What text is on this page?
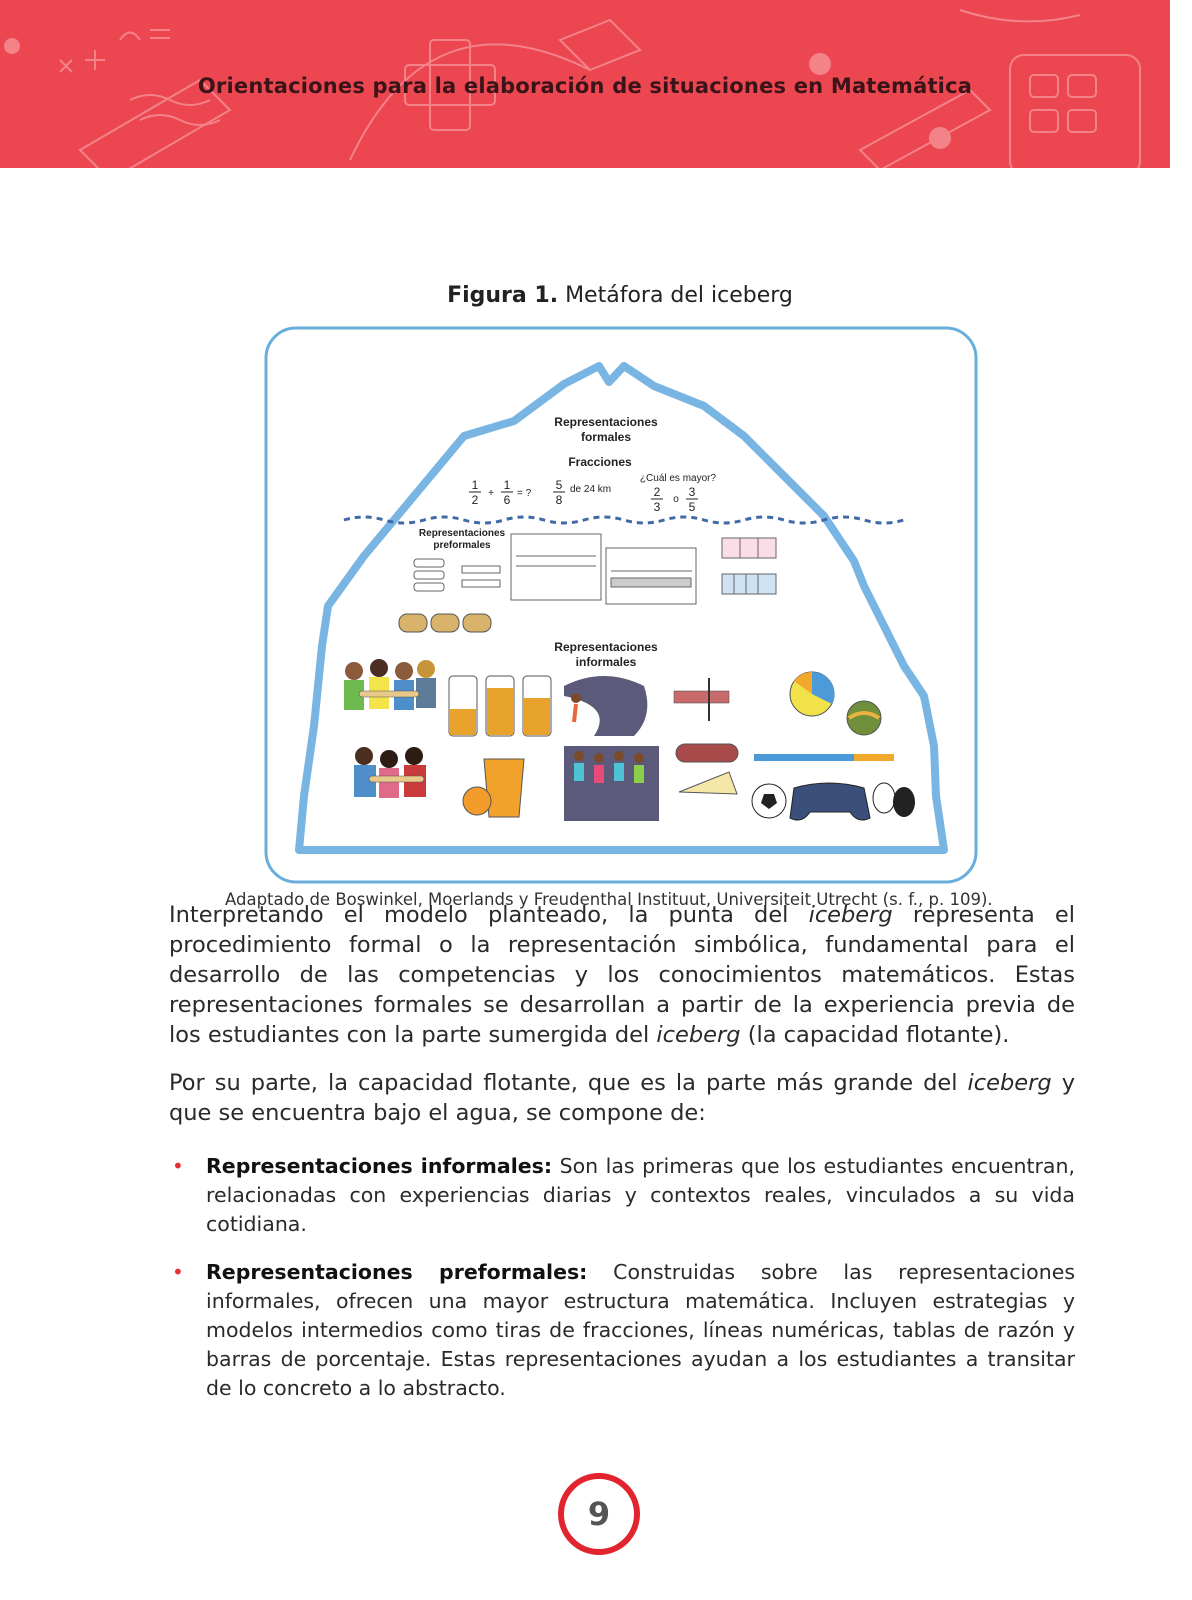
Orientaciones para la elaboración de situaciones en Matemática
Figura 1. Metáfora del iceberg
Representaciones
formales
Fracciones
¿Cuál es mayor?
1
2 +
1
6 = ?
5
8
de 24 km	2
3
o
3
5
Representaciones
preformales
Representaciones
informales
Adaptado de Boswinkel, Moerlands y Freudenthal Instituut, Universiteit Utrecht (s. f., p. 109).
Interpretando el modelo planteado, la punta del iceberg representa el procedimiento formal o la representación simbólica, fundamental para el desarrollo de las competencias y los conocimientos matemáticos. Estas representaciones formales se desarrollan a partir de la experiencia previa de los estudiantes con la parte sumergida del iceberg (la capacidad flotante).
Por su parte, la capacidad flotante, que es la parte más grande del iceberg y que se encuentra bajo el agua, se compone de:
• Representaciones informales: Son las primeras que los estudiantes encuentran, relacionadas con experiencias diarias y contextos reales, vinculados a su vida cotidiana.
• Representaciones preformales: Construidas sobre las representaciones informales, ofrecen una mayor estructura matemática. Incluyen estrategias y modelos intermedios como tiras de fracciones, líneas numéricas, tablas de razón y barras de porcentaje. Estas representaciones ayudan a los estudiantes a transitar de lo concreto a lo abstracto.
9
